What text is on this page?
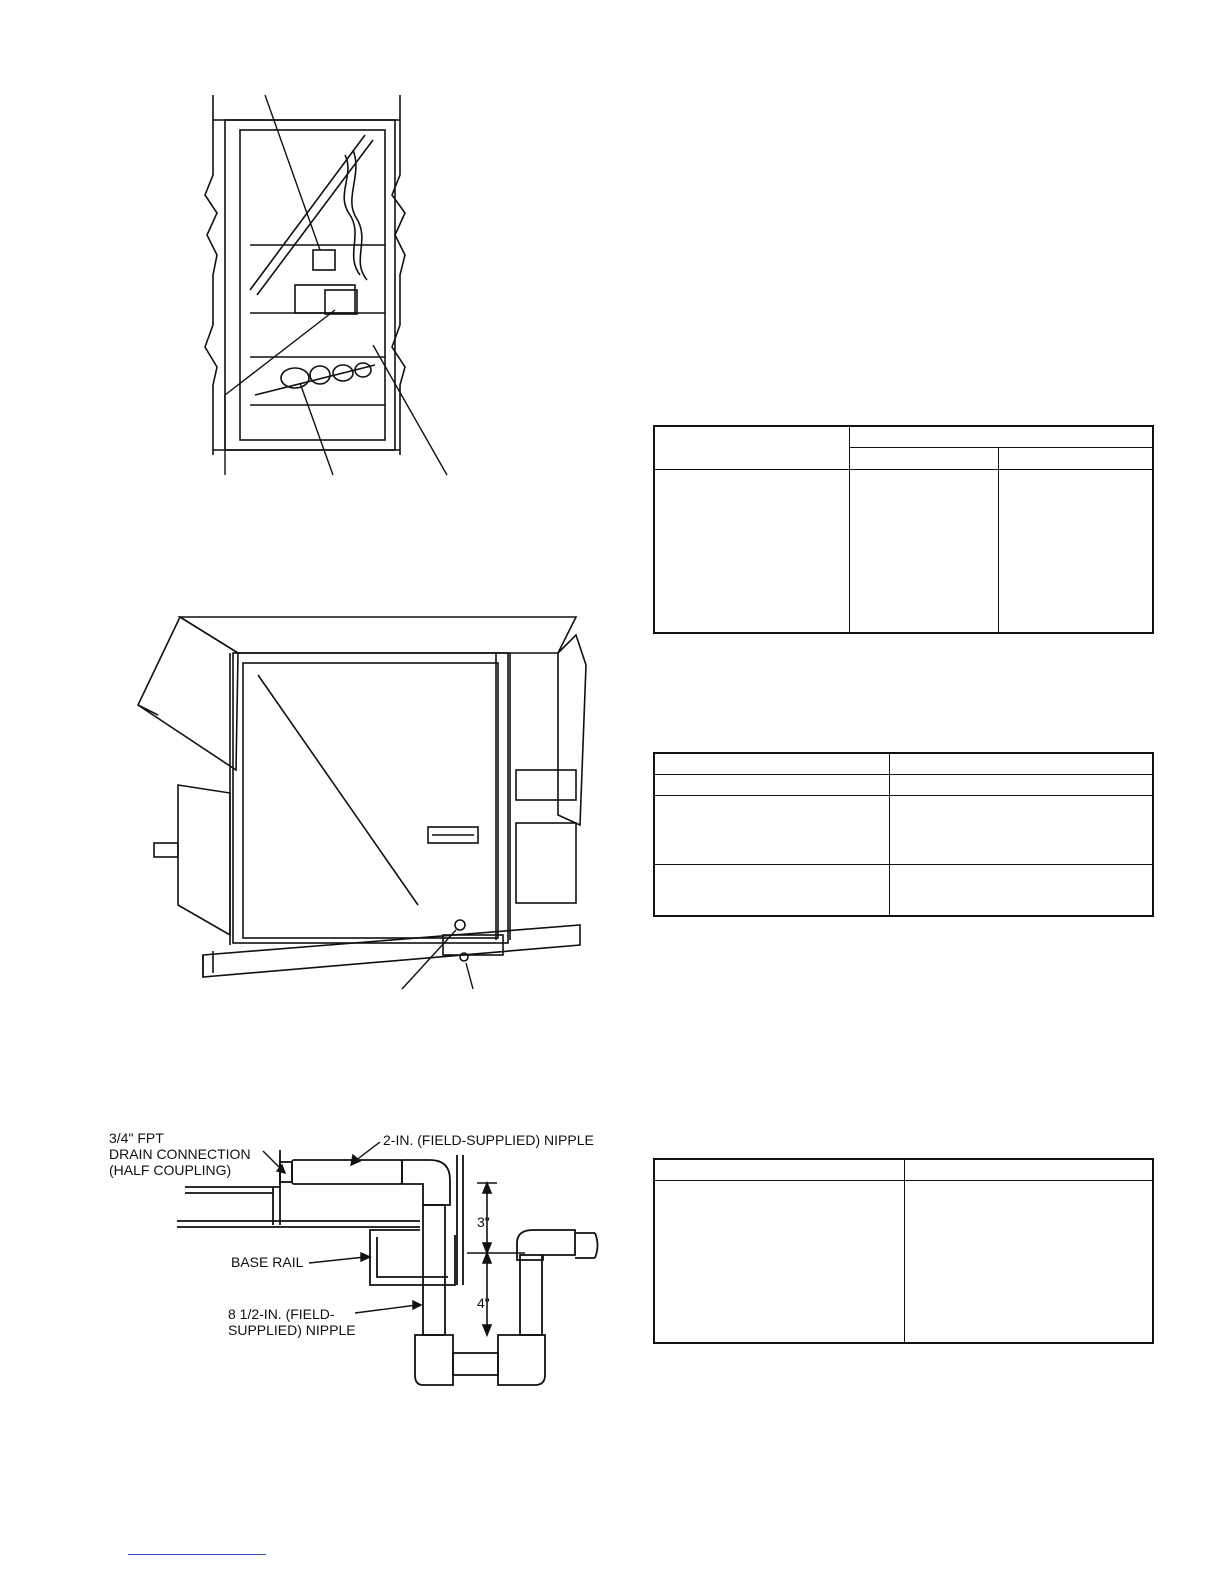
3/4" FPT
DRAIN CONNECTION
(HALF COUPLING)
2-IN. (FIELD-SUPPLIED) NIPPLE
BASE RAIL
8 1/2-IN. (FIELD-
SUPPLIED) NIPPLE
3"
4"
